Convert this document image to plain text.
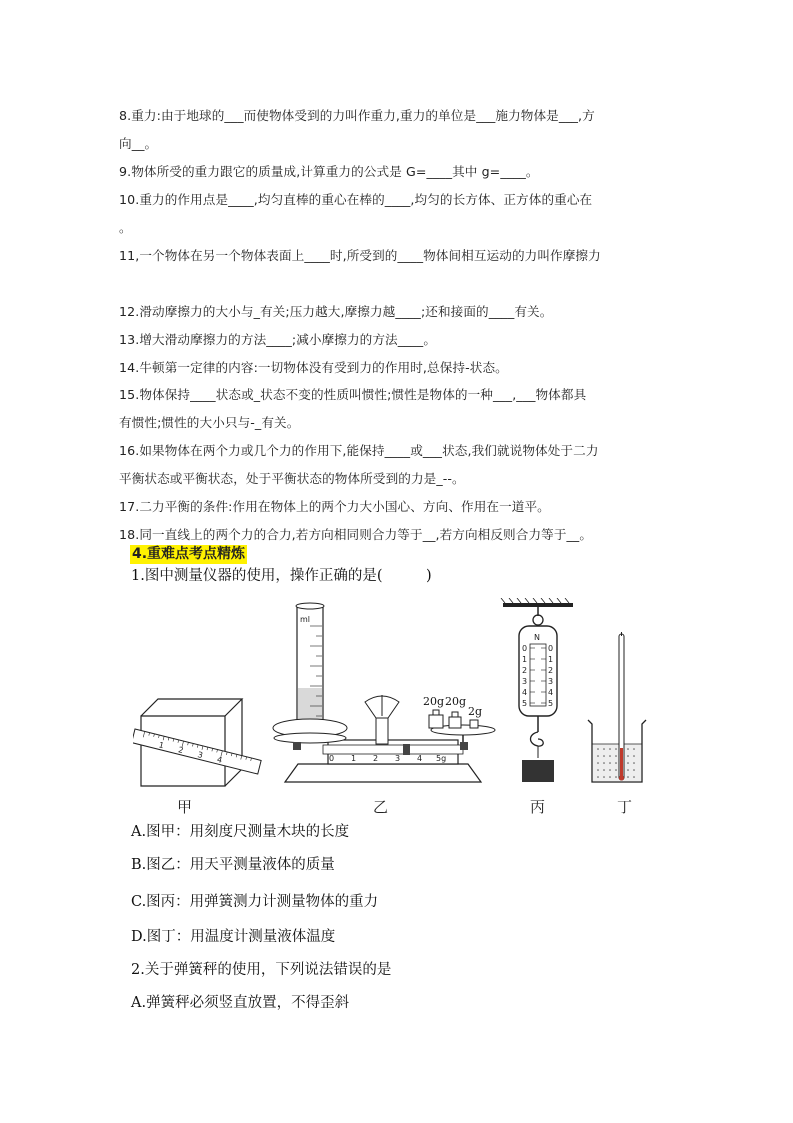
8.重力:由于地球的___而使物体受到的力叫作重力,重力的单位是___施力物体是___,方
向__。
9.物体所受的重力跟它的质量成,计算重力的公式是 G=____其中 g=____。
10.重力的作用点是____,均匀直棒的重心在棒的____,均匀的长方体、正方体的重心在
。
11,一个物体在另一个物体表面上____时,所受到的____物体间相互运动的力叫作摩擦力
12.滑动摩擦力的大小与_有关;压力越大,摩擦力越____;还和接面的____有关。
13.增大滑动摩擦力的方法____;减小摩擦力的方法____。
14.牛顿第一定律的内容:一切物体没有受到力的作用时,总保持-状态。
15.物体保持____状态或_状态不变的性质叫惯性;惯性是物体的一种___,___物体都具
有惯性;惯性的大小只与-_有关。
16.如果物体在两个力或几个力的作用下,能保持____或___状态,我们就说物体处于二力
平衡状态或平衡状态，处于平衡状态的物体所受到的力是_--。
17.二力平衡的条件:作用在物体上的两个力大小国心、方向、作用在一道平。
18.同一直线上的两个力的合力,若方向相同则合力等于__,若方向相反则合力等于__。
4.重难点考点精炼
1.图中测量仪器的使用，操作正确的是(　　　)
1 2 3 4
ml
0 1 2 3 4 5g
20g 20g
2g
N
0
1
2
3
4
5
0
1
2
3
4
5
甲	乙	丙	丁
A.图甲：用刻度尺测量木块的长度
B.图乙：用天平测量液体的质量
C.图丙：用弹簧测力计测量物体的重力
D.图丁：用温度计测量液体温度
2.关于弹簧秤的使用，下列说法错误的是
A.弹簧秤必须竖直放置，不得歪斜
